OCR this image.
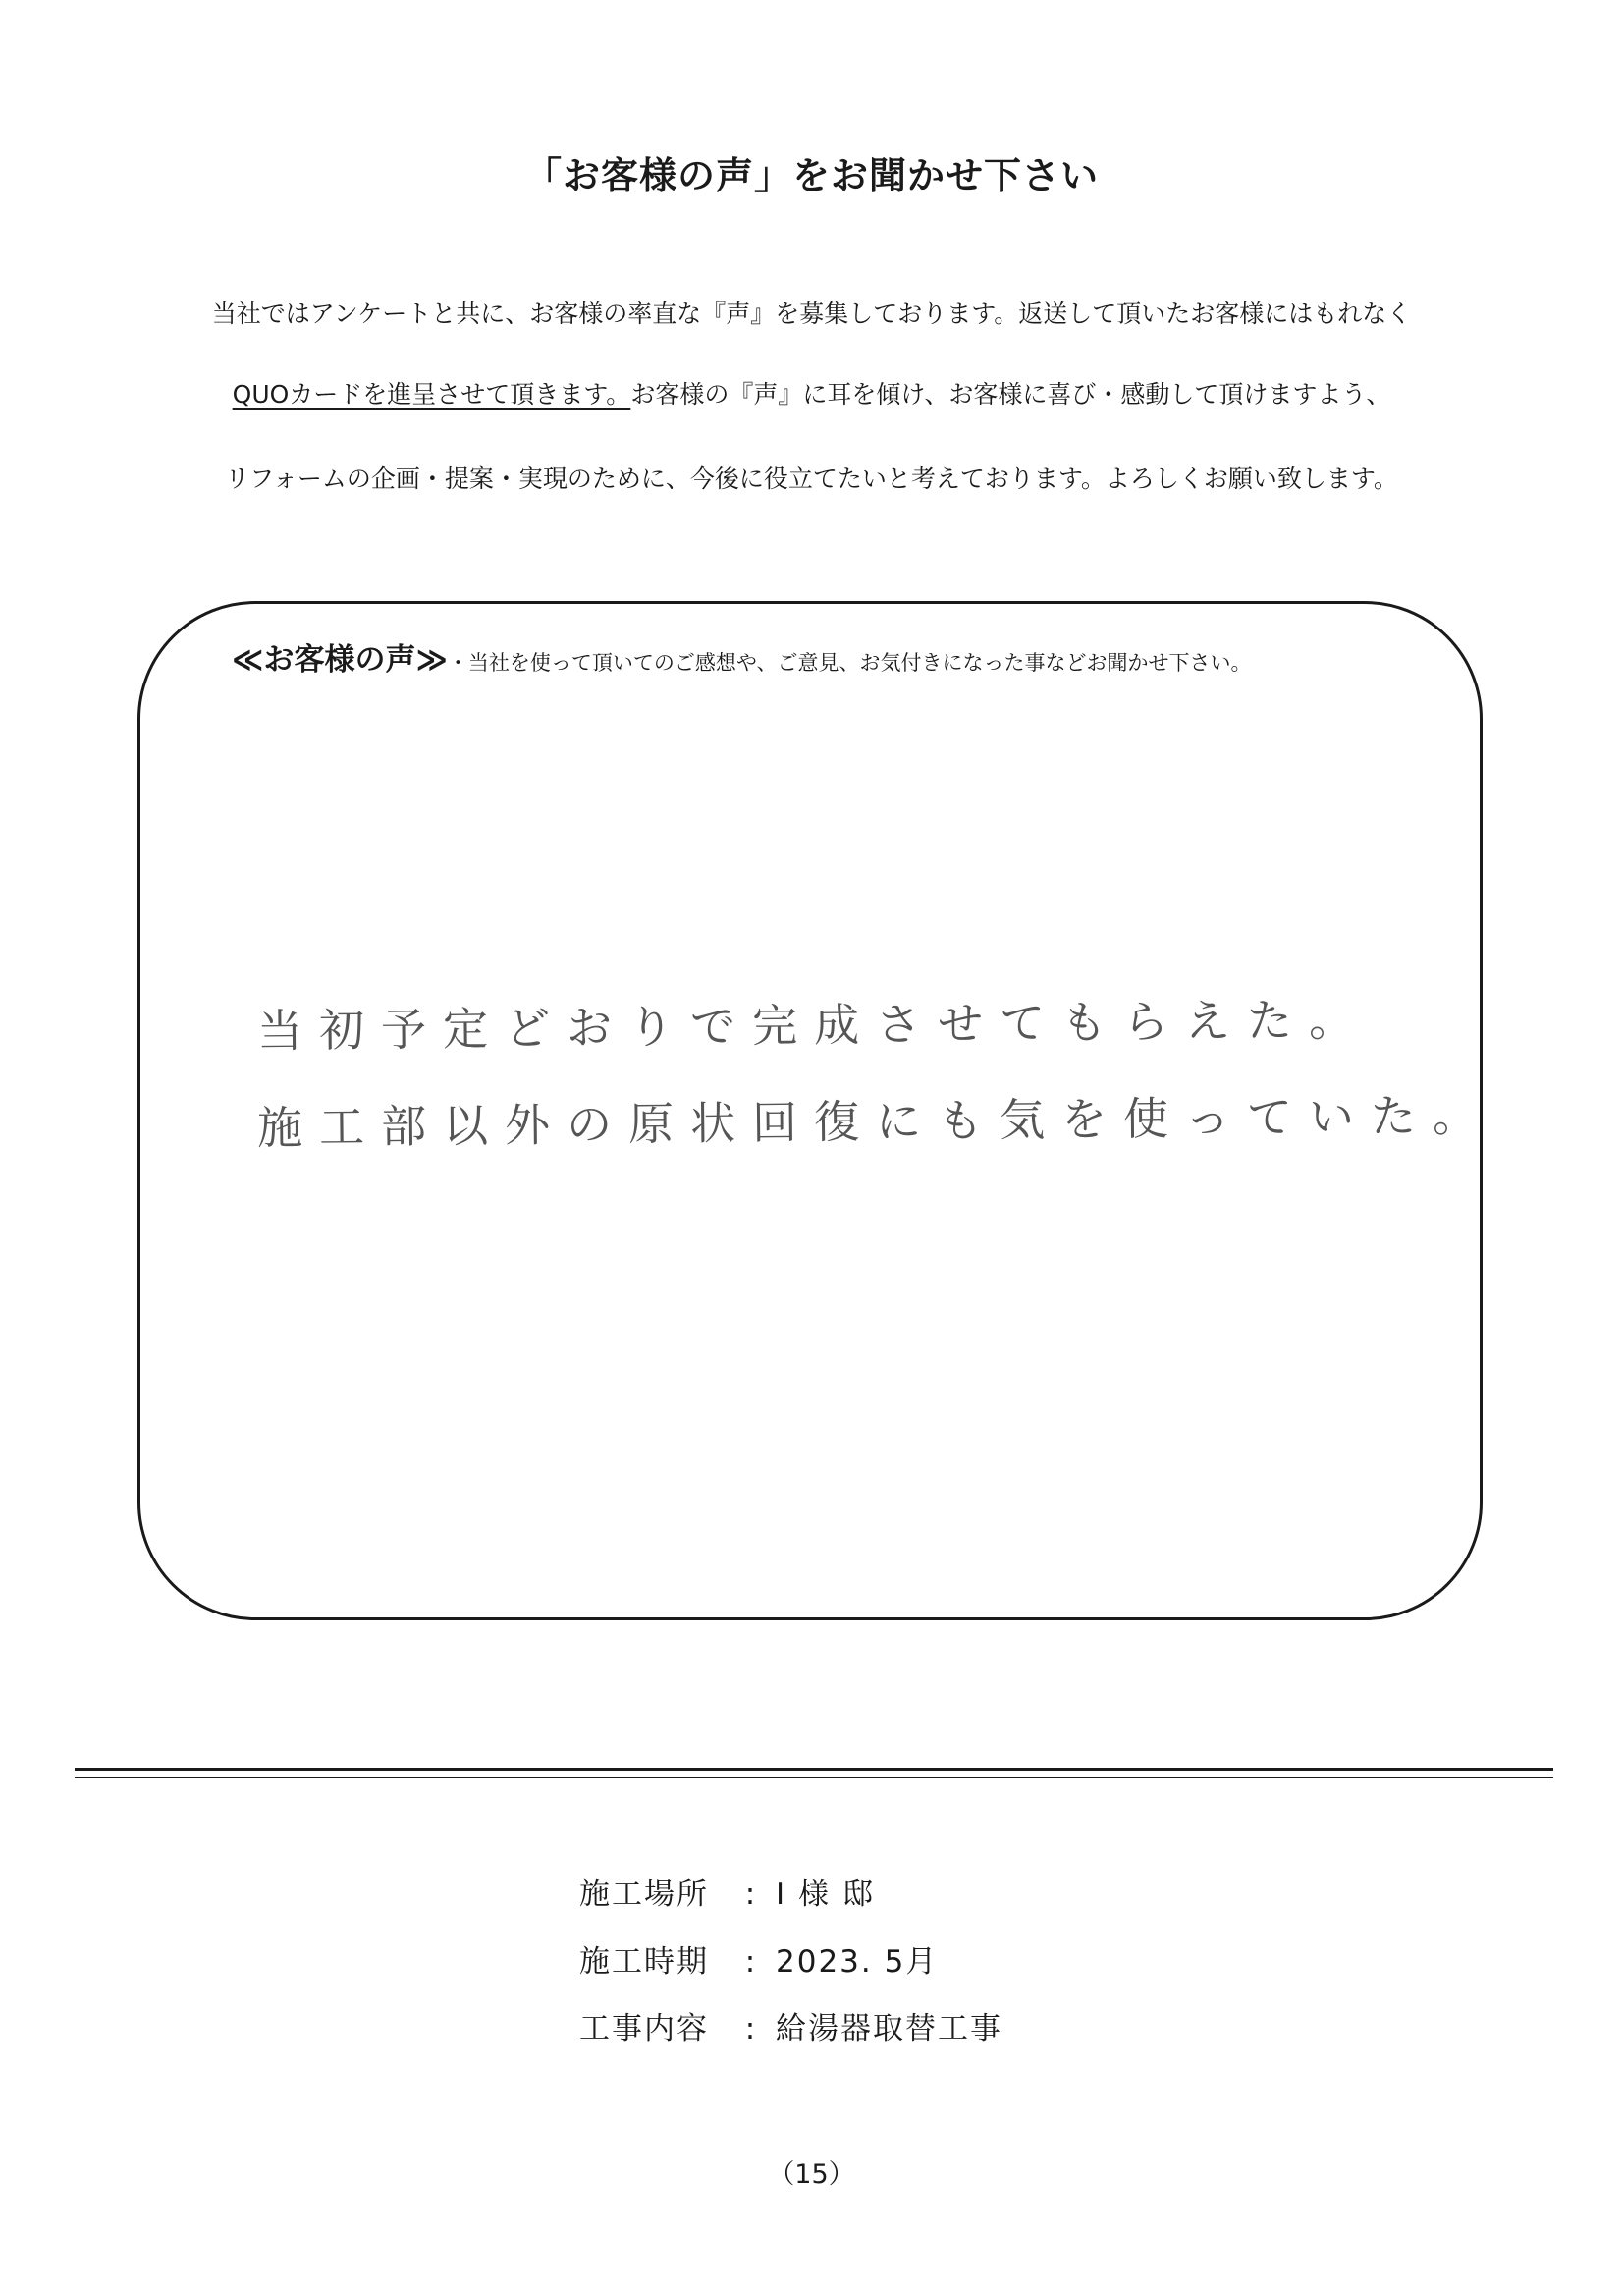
「お客様の声」をお聞かせ下さい
当社ではアンケートと共に、お客様の率直な『声』を募集しております。返送して頂いたお客様にはもれなく
QUOカードを進呈させて頂きます。お客様の『声』に耳を傾け、お客様に喜び・感動して頂けますよう、
リフォームの企画・提案・実現のために、今後に役立てたいと考えております。よろしくお願い致します。
≪お客様の声≫・当社を使って頂いてのご感想や、ご意見、お気付きになった事などお聞かせ下さい。
当初予定どおりで完成させてもらえた。
施工部以外の原状回復にも気を使っていた。
施工場所 : I 様 邸
施工時期 : 2023. 5月
工事内容 : 給湯器取替工事
（15）
